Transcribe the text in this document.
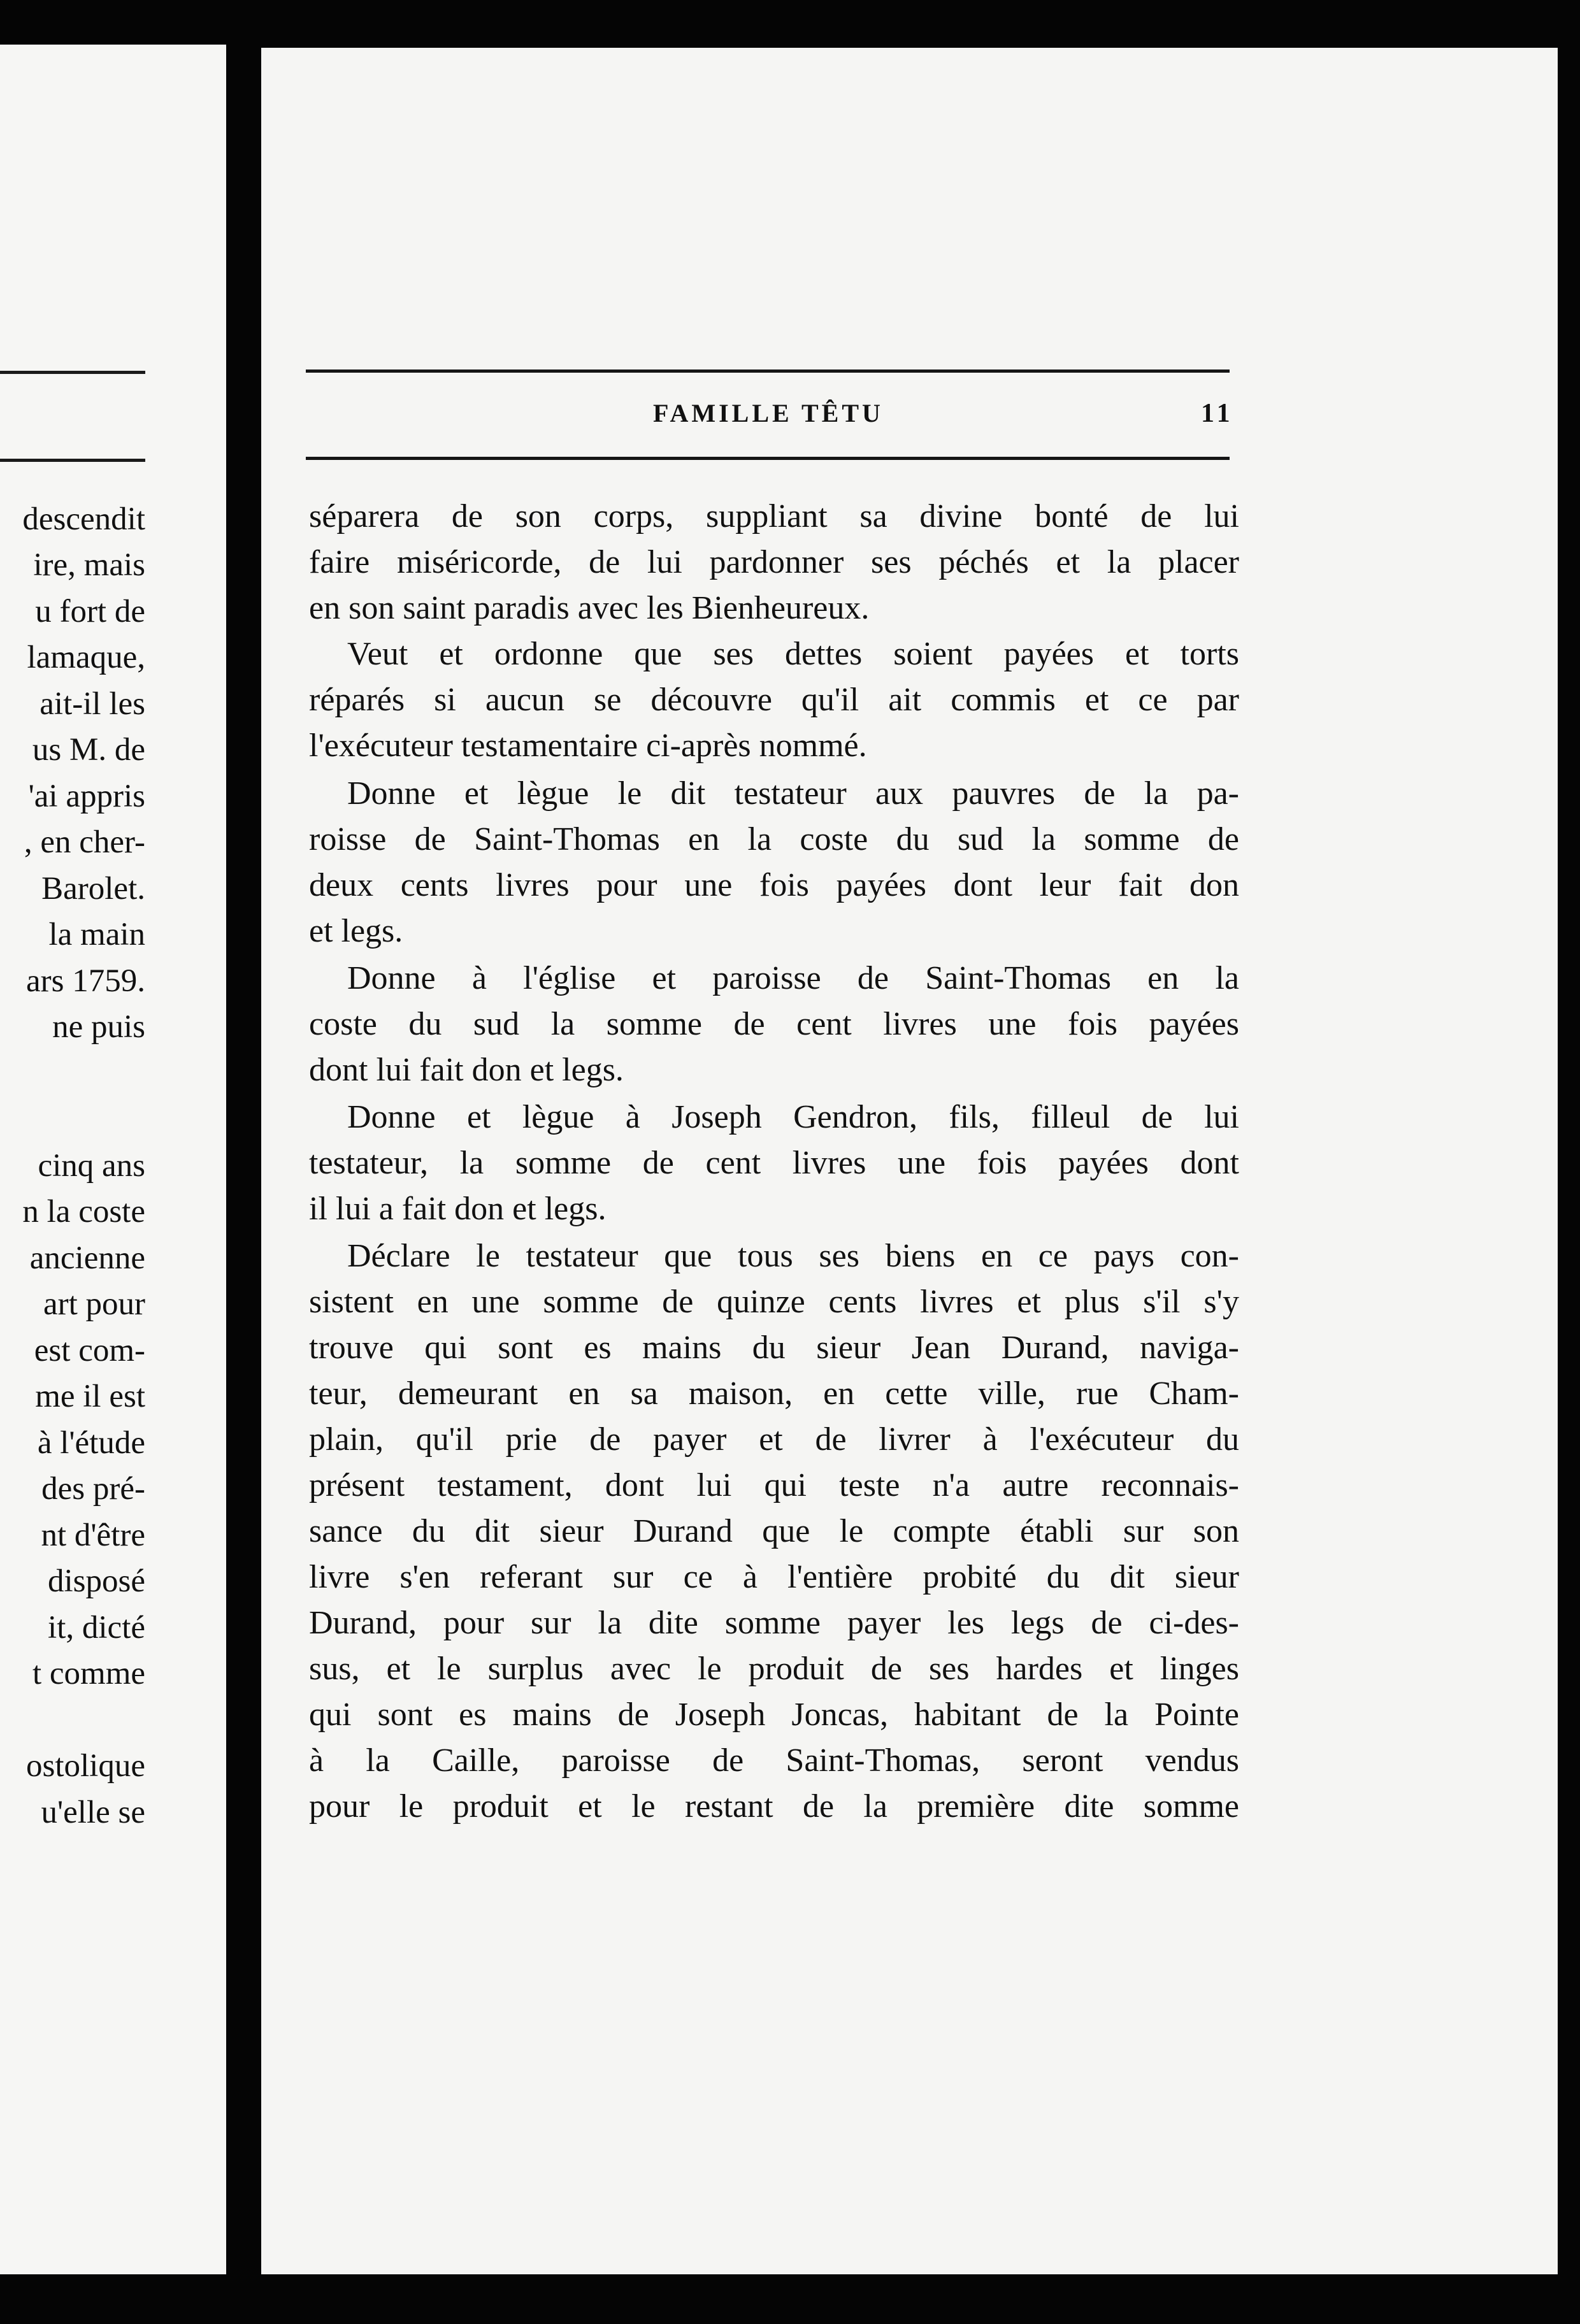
descendit
ire, mais
u fort de
lamaque,
ait-il les
us M. de
'ai appris
, en cher-
Barolet.
la main
ars 1759.
ne puis
cinq ans
n la coste
ancienne
art pour
est com-
me il est
à l'étude
des pré-
nt d'être
disposé
it, dicté
t comme
ostolique
u'elle se
FAMILLE TÊTU	11
séparera de son corps, suppliant sa divine bonté de lui
faire miséricorde, de lui pardonner ses péchés et la placer
en son saint paradis avec les Bienheureux.
Veut et ordonne que ses dettes soient payées et torts
réparés si aucun se découvre qu'il ait commis et ce par
l'exécuteur testamentaire ci-après nommé.
Donne et lègue le dit testateur aux pauvres de la pa-
roisse de Saint-Thomas en la coste du sud la somme de
deux cents livres pour une fois payées dont leur fait don
et legs.
Donne à l'église et paroisse de Saint-Thomas en la
coste du sud la somme de cent livres une fois payées
dont lui fait don et legs.
Donne et lègue à Joseph Gendron, fils, filleul de lui
testateur, la somme de cent livres une fois payées dont
il lui a fait don et legs.
Déclare le testateur que tous ses biens en ce pays con-
sistent en une somme de quinze cents livres et plus s'il s'y
trouve qui sont es mains du sieur Jean Durand, naviga-
teur, demeurant en sa maison, en cette ville, rue Cham-
plain, qu'il prie de payer et de livrer à l'exécuteur du
présent testament, dont lui qui teste n'a autre reconnais-
sance du dit sieur Durand que le compte établi sur son
livre s'en referant sur ce à l'entière probité du dit sieur
Durand, pour sur la dite somme payer les legs de ci-des-
sus, et le surplus avec le produit de ses hardes et linges
qui sont es mains de Joseph Joncas, habitant de la Pointe
à la Caille, paroisse de Saint-Thomas, seront vendus
pour le produit et le restant de la première dite somme
